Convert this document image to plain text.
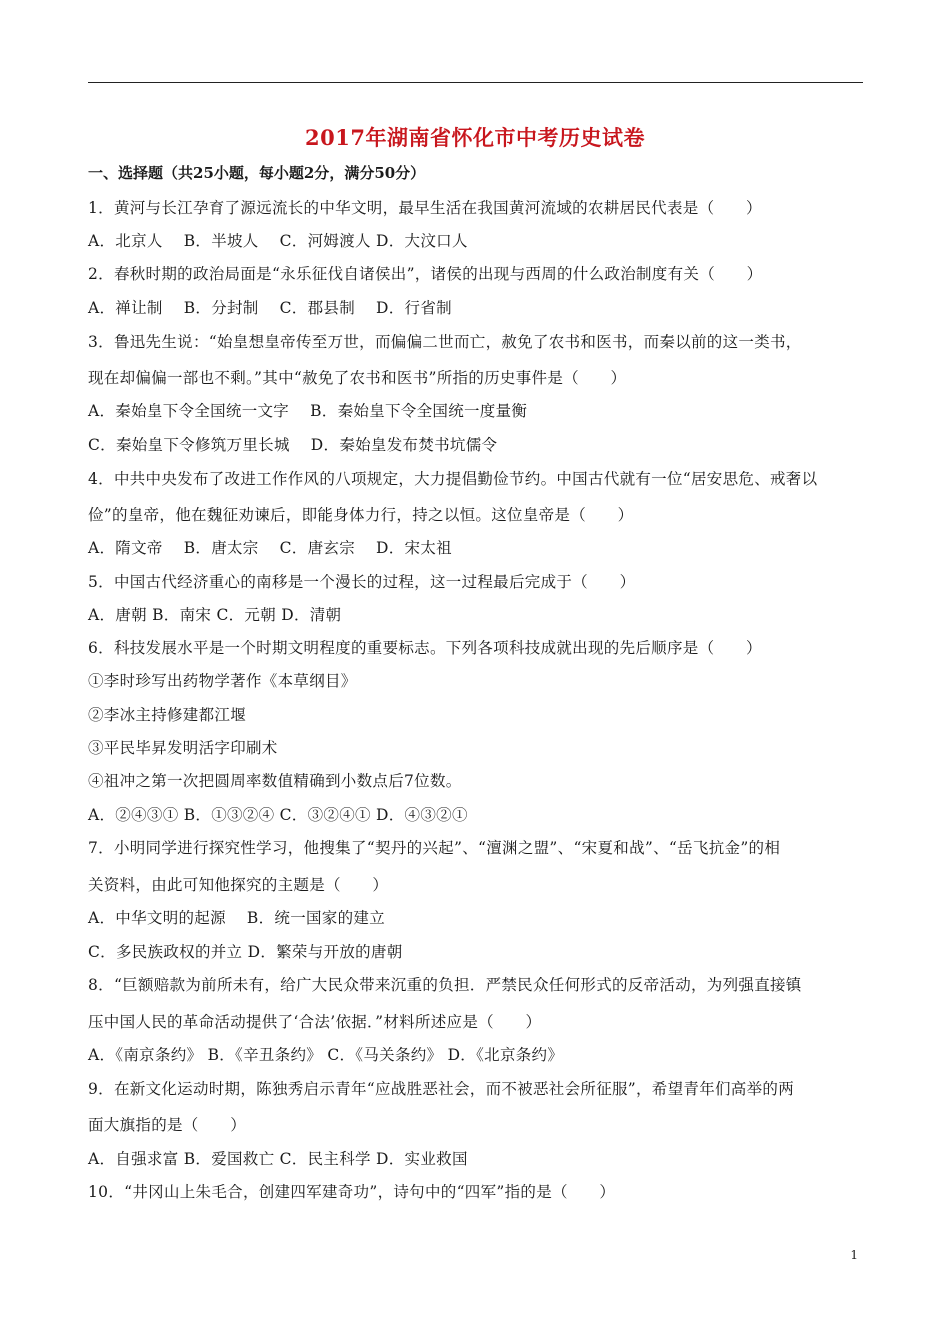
2017年湖南省怀化市中考历史试卷
一、选择题（共25小题，每小题2分，满分50分）
1．黄河与长江孕育了源远流长的中华文明，最早生活在我国黄河流域的农耕居民代表是（　　）
A．北京人　 B．半坡人　 C．河姆渡人 D．大汶口人
2．春秋时期的政治局面是“永乐征伐自诸侯出”，诸侯的出现与西周的什么政治制度有关（　　）
A．禅让制　 B．分封制　 C．郡县制　 D．行省制
3．鲁迅先生说：“始皇想皇帝传至万世，而偏偏二世而亡，赦免了农书和医书，而秦以前的这一类书，
现在却偏偏一部也不剩。”其中“赦免了农书和医书”所指的历史事件是（　　）
A．秦始皇下令全国统一文字　 B．秦始皇下令全国统一度量衡
C．秦始皇下令修筑万里长城　 D．秦始皇发布焚书坑儒令
4．中共中央发布了改进工作作风的八项规定，大力提倡勤俭节约。中国古代就有一位“居安思危、戒奢以
俭”的皇帝，他在魏征劝谏后，即能身体力行，持之以恒。这位皇帝是（　　）
A．隋文帝　 B．唐太宗　 C．唐玄宗　 D．宋太祖
5．中国古代经济重心的南移是一个漫长的过程，这一过程最后完成于（　　）
A．唐朝 B．南宋 C．元朝 D．清朝
6．科技发展水平是一个时期文明程度的重要标志。下列各项科技成就出现的先后顺序是（　　）
①李时珍写出药物学著作《本草纲目》
②李冰主持修建都江堰
③平民毕昇发明活字印刷术
④祖冲之第一次把圆周率数值精确到小数点后7位数。
A．②④③① B．①③②④ C．③②④① D．④③②①
7．小明同学进行探究性学习，他搜集了“契丹的兴起”、“澶渊之盟”、“宋夏和战”、“岳飞抗金”的相
关资料，由此可知他探究的主题是（　　）
A．中华文明的起源　 B．统一国家的建立
C．多民族政权的并立 D．繁荣与开放的唐朝
8．“巨额赔款为前所未有，给广大民众带来沉重的负担．严禁民众任何形式的反帝活动，为列强直接镇
压中国人民的革命活动提供了‘合法’依据．”材料所述应是（　　）
A．《南京条约》 B．《辛丑条约》 C．《马关条约》 D．《北京条约》
9．在新文化运动时期，陈独秀启示青年“应战胜恶社会，而不被恶社会所征服”，希望青年们高举的两
面大旗指的是（　　）
A．自强求富 B．爱国救亡 C．民主科学 D．实业救国
10．“井冈山上朱毛合，创建四军建奇功”，诗句中的“四军”指的是（　　）
1
